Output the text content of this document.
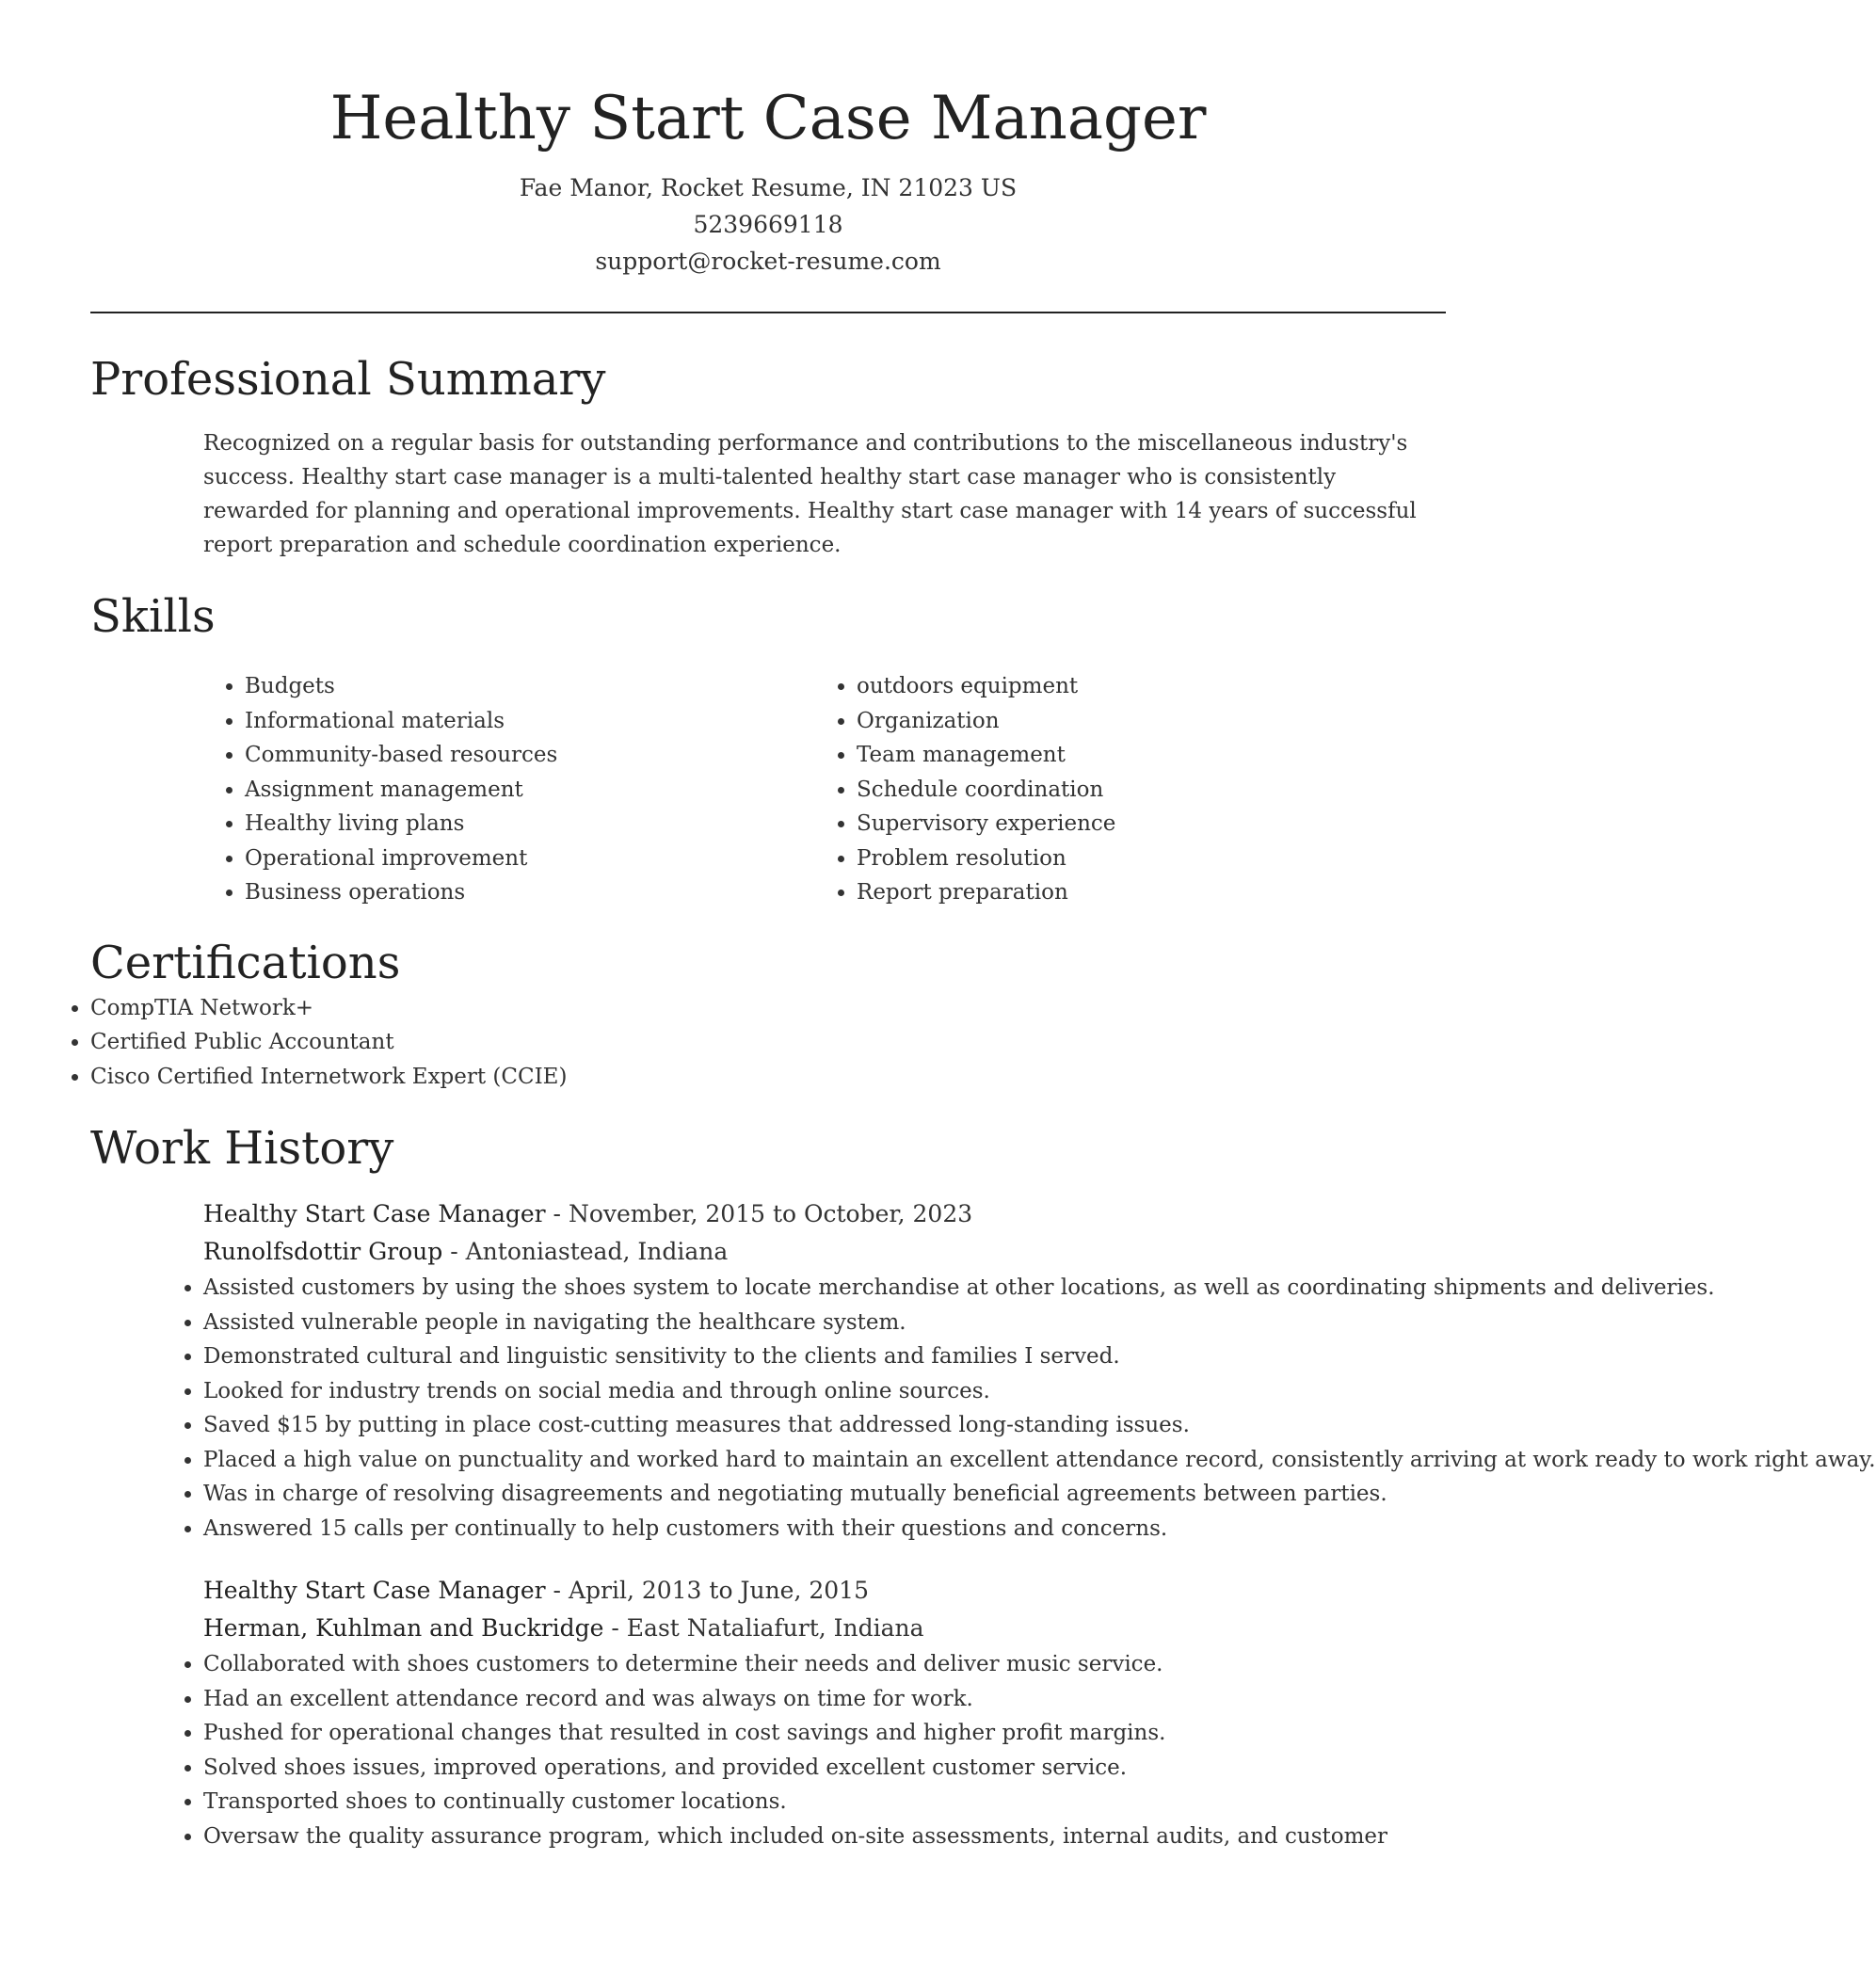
Healthy Start Case Manager
Fae Manor, Rocket Resume, IN 21023 US
5239669118
support@rocket-resume.com
Professional Summary

Recognized on a regular basis for outstanding performance and contributions to the miscellaneous industry's success. Healthy start case manager is a multi-talented healthy start case manager who is consistently rewarded for planning and operational improvements. Healthy start case manager with 14 years of successful report preparation and schedule coordination experience.

Skills
• Budgets
• Informational materials
• Community-based resources
• Assignment management
• Healthy living plans
• Operational improvement
• Business operations
• outdoors equipment
• Organization
• Team management
• Schedule coordination
• Supervisory experience
• Problem resolution
• Report preparation
Certifications
• CompTIA Network+
• Certified Public Accountant
• Cisco Certified Internetwork Expert (CCIE)
Work History
Healthy Start Case Manager - November, 2015 to October, 2023
Runolfsdottir Group - Antoniastead, Indiana
• Assisted customers by using the shoes system to locate merchandise at other locations, as well as coordinating shipments and deliveries.
• Assisted vulnerable people in navigating the healthcare system.
• Demonstrated cultural and linguistic sensitivity to the clients and families I served.
• Looked for industry trends on social media and through online sources.
• Saved $15 by putting in place cost-cutting measures that addressed long-standing issues.
• Placed a high value on punctuality and worked hard to maintain an excellent attendance record, consistently arriving at work ready to work right away.
• Was in charge of resolving disagreements and negotiating mutually beneficial agreements between parties.
• Answered 15 calls per continually to help customers with their questions and concerns.
Healthy Start Case Manager - April, 2013 to June, 2015
Herman, Kuhlman and Buckridge - East Nataliafurt, Indiana
• Collaborated with shoes customers to determine their needs and deliver music service.
• Had an excellent attendance record and was always on time for work.
• Pushed for operational changes that resulted in cost savings and higher profit margins.
• Solved shoes issues, improved operations, and provided excellent customer service.
• Transported shoes to continually customer locations.
• Oversaw the quality assurance program, which included on-site assessments, internal audits, and customer
